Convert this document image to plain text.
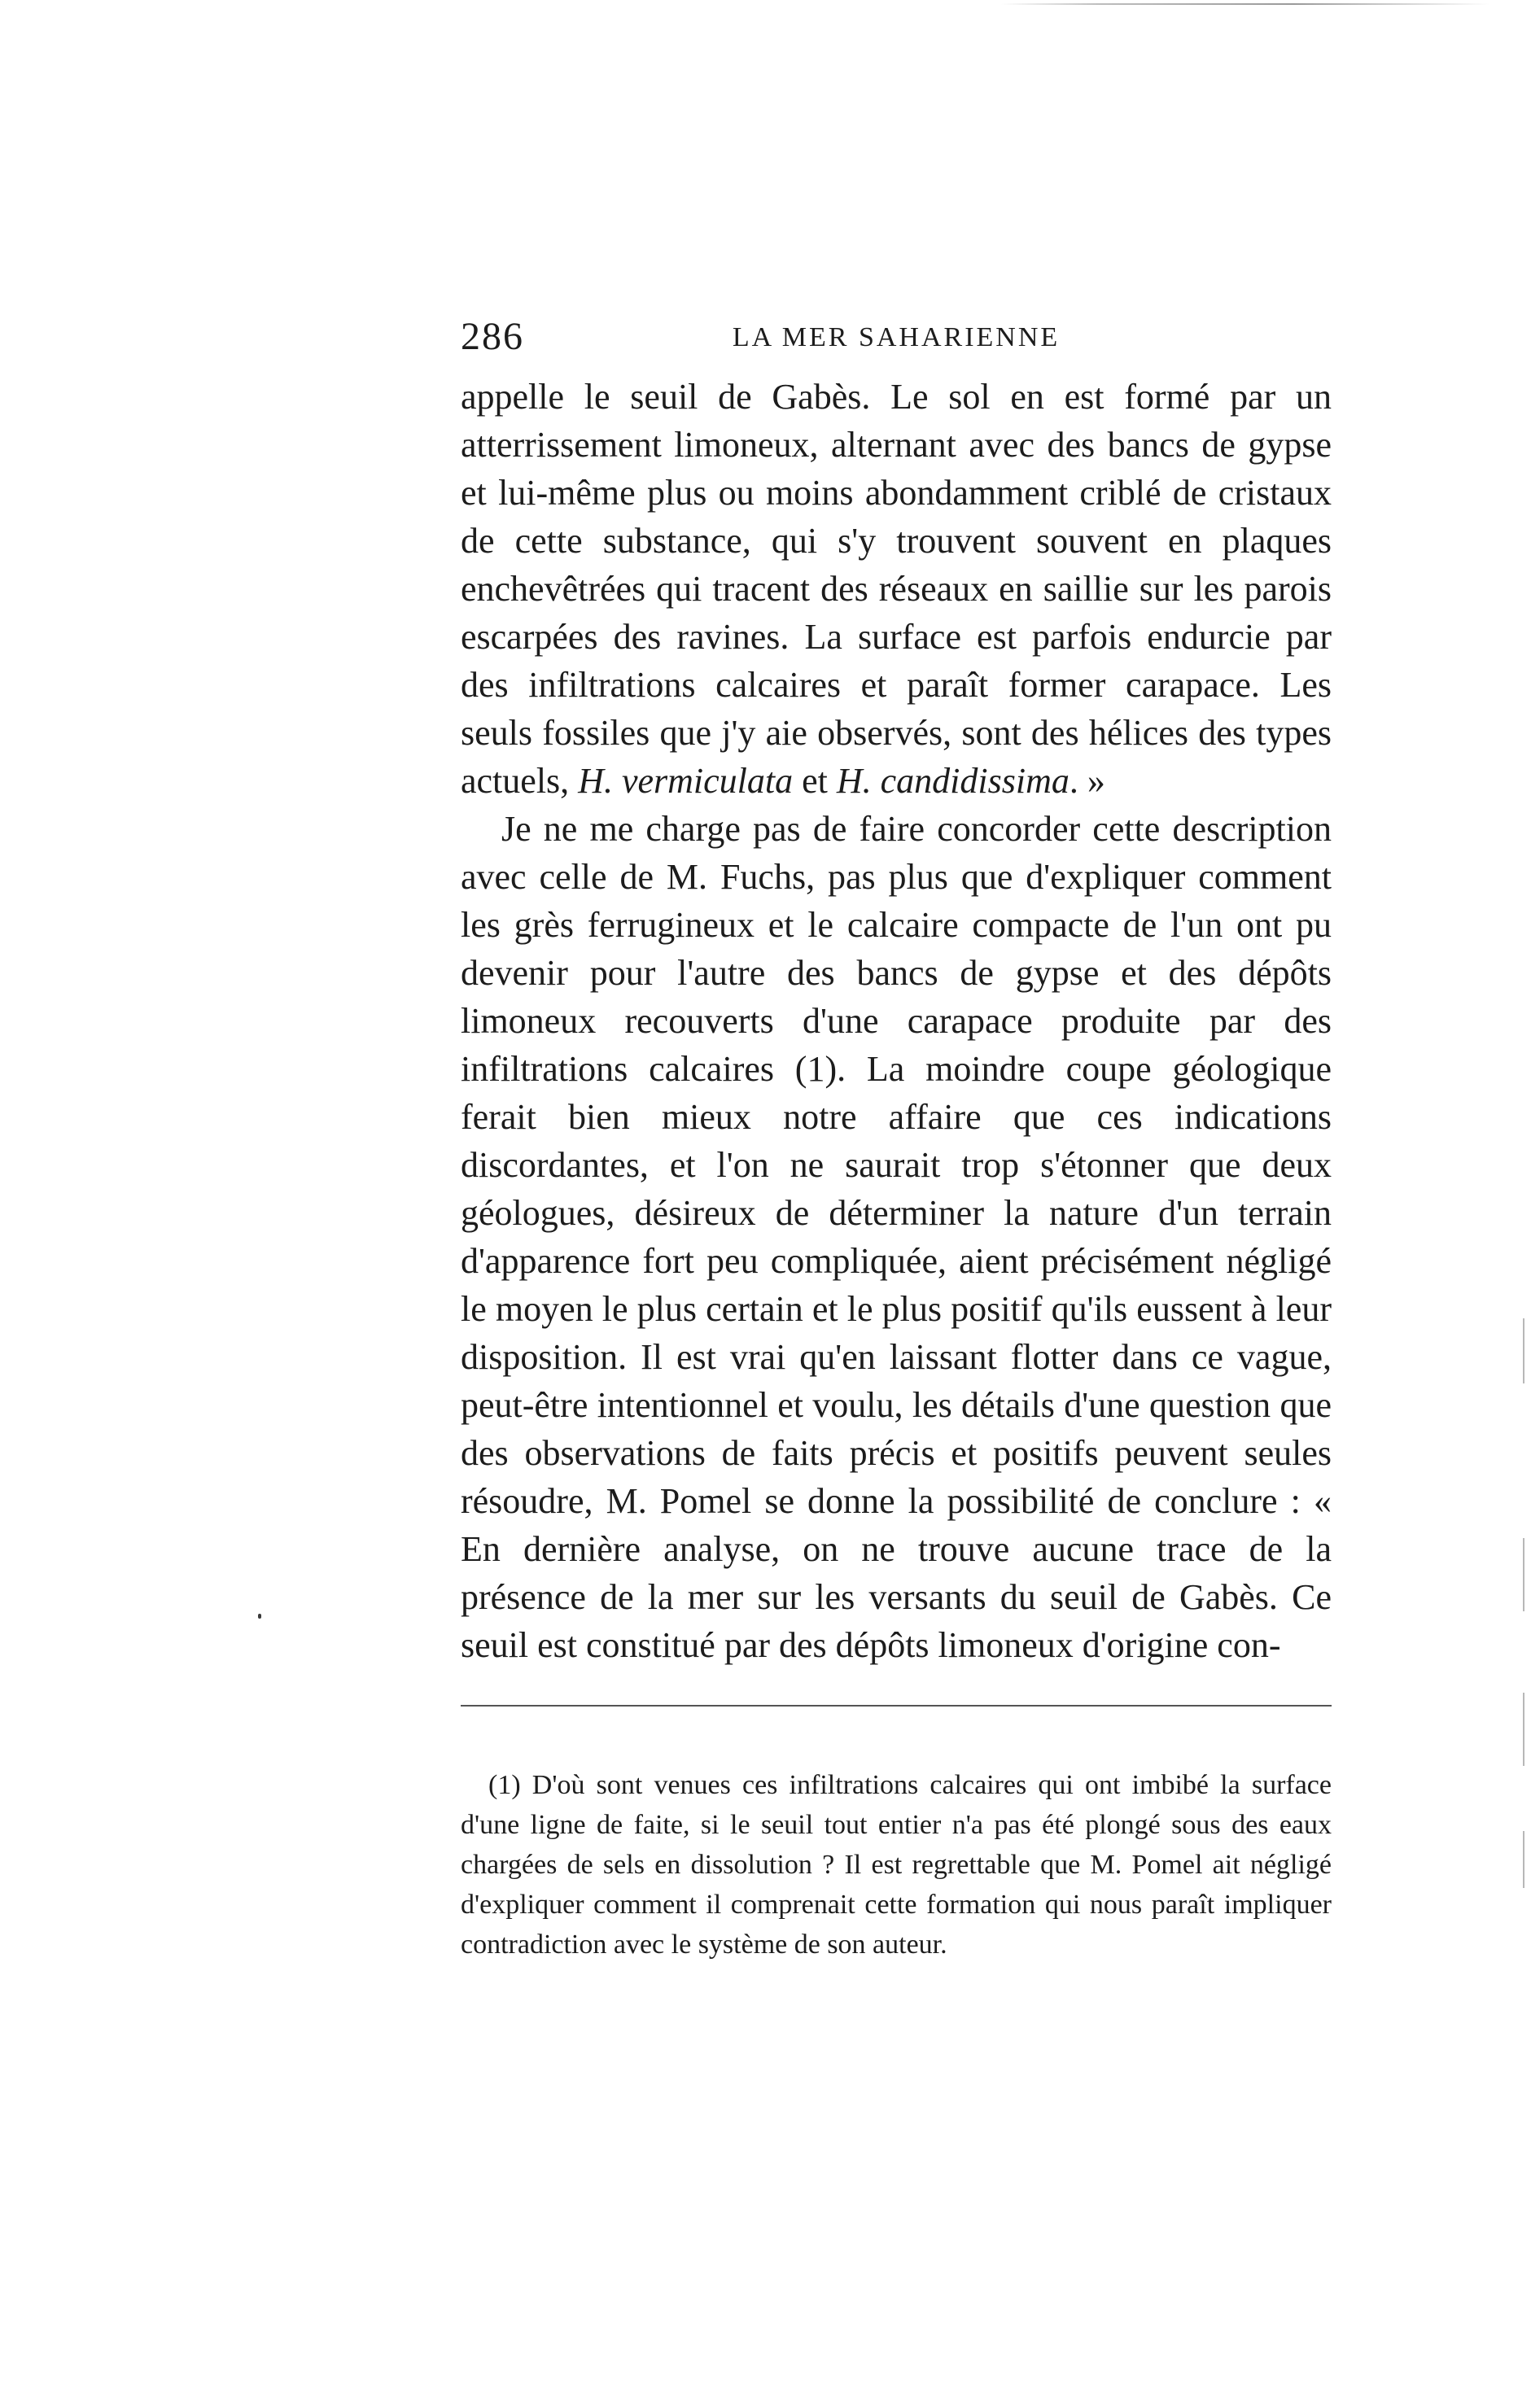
286	LA MER SAHARIENNE

appelle le seuil de Gabès. Le sol en est formé par un atterrissement limoneux, alternant avec des bancs de gypse et lui-même plus ou moins abondamment criblé de cristaux de cette substance, qui s'y trouvent souvent en plaques enchevêtrées qui tracent des réseaux en saillie sur les parois escarpées des ravines. La surface est parfois endurcie par des infiltrations calcaires et paraît former carapace. Les seuls fossiles que j'y aie observés, sont des hélices des types actuels, H. vermiculata et H. candidissima. »

Je ne me charge pas de faire concorder cette description avec celle de M. Fuchs, pas plus que d'expliquer comment les grès ferrugineux et le calcaire compacte de l'un ont pu devenir pour l'autre des bancs de gypse et des dépôts limoneux recouverts d'une carapace produite par des infiltrations calcaires (1). La moindre coupe géologique ferait bien mieux notre affaire que ces indications discordantes, et l'on ne saurait trop s'étonner que deux géologues, désireux de déterminer la nature d'un terrain d'apparence fort peu compliquée, aient précisément négligé le moyen le plus certain et le plus positif qu'ils eussent à leur disposition. Il est vrai qu'en laissant flotter dans ce vague, peut-être intentionnel et voulu, les détails d'une question que des observations de faits précis et positifs peuvent seules résoudre, M. Pomel se donne la possibilité de conclure : « En dernière analyse, on ne trouve aucune trace de la présence de la mer sur les versants du seuil de Gabès. Ce seuil est constitué par des dépôts limoneux d'origine con-

(1) D'où sont venues ces infiltrations calcaires qui ont imbibé la surface d'une ligne de faite, si le seuil tout entier n'a pas été plongé sous des eaux chargées de sels en dissolution ? Il est regrettable que M. Pomel ait négligé d'expliquer comment il comprenait cette formation qui nous paraît impliquer contradiction avec le système de son auteur.
